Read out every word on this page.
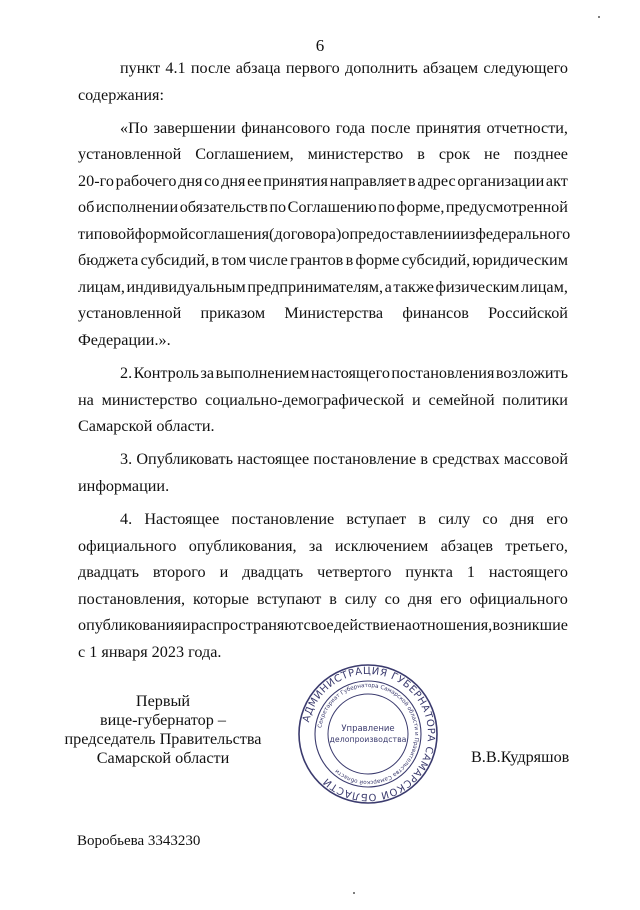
6
пункт 4.1 после абзаца первого дополнить абзацем следующего
содержания:
«По завершении финансового года после принятия отчетности,
установленной Соглашением, министерство в срок не позднее
20-го рабочего дня со дня ее принятия направляет в адрес организации акт
об исполнении обязательств по Соглашению по форме, предусмотренной
типовой формой соглашения (договора) о предоставлении из федерального
бюджета субсидий, в том числе грантов в форме субсидий, юридическим
лицам, индивидуальным предпринимателям, а также физическим лицам,
установленной приказом Министерства финансов Российской
Федерации.».
2. Контроль за выполнением настоящего постановления возложить
на министерство социально-демографической и семейной политики
Самарской области.
3. Опубликовать настоящее постановление в средствах массовой
информации.
4. Настоящее постановление вступает в силу со дня его
официального опубликования, за исключением абзацев третьего,
двадцать второго и двадцать четвертого пункта 1 настоящего
постановления, которые вступают в силу со дня его официального
опубликования и распространяют свое действие на отношения, возникшие
с 1 января 2023 года.
Первый
вице-губернатор –
председатель Правительства
Самарской области
АДМИНИСТРАЦИЯ ГУБЕРНАТОРА САМАРСКОЙ ОБЛАСТИ
Секретариат Губернатора Самарской области и Правительства Самарской области
Управление
делопроизводства
В.В.Кудряшов
Воробьева 3343230
